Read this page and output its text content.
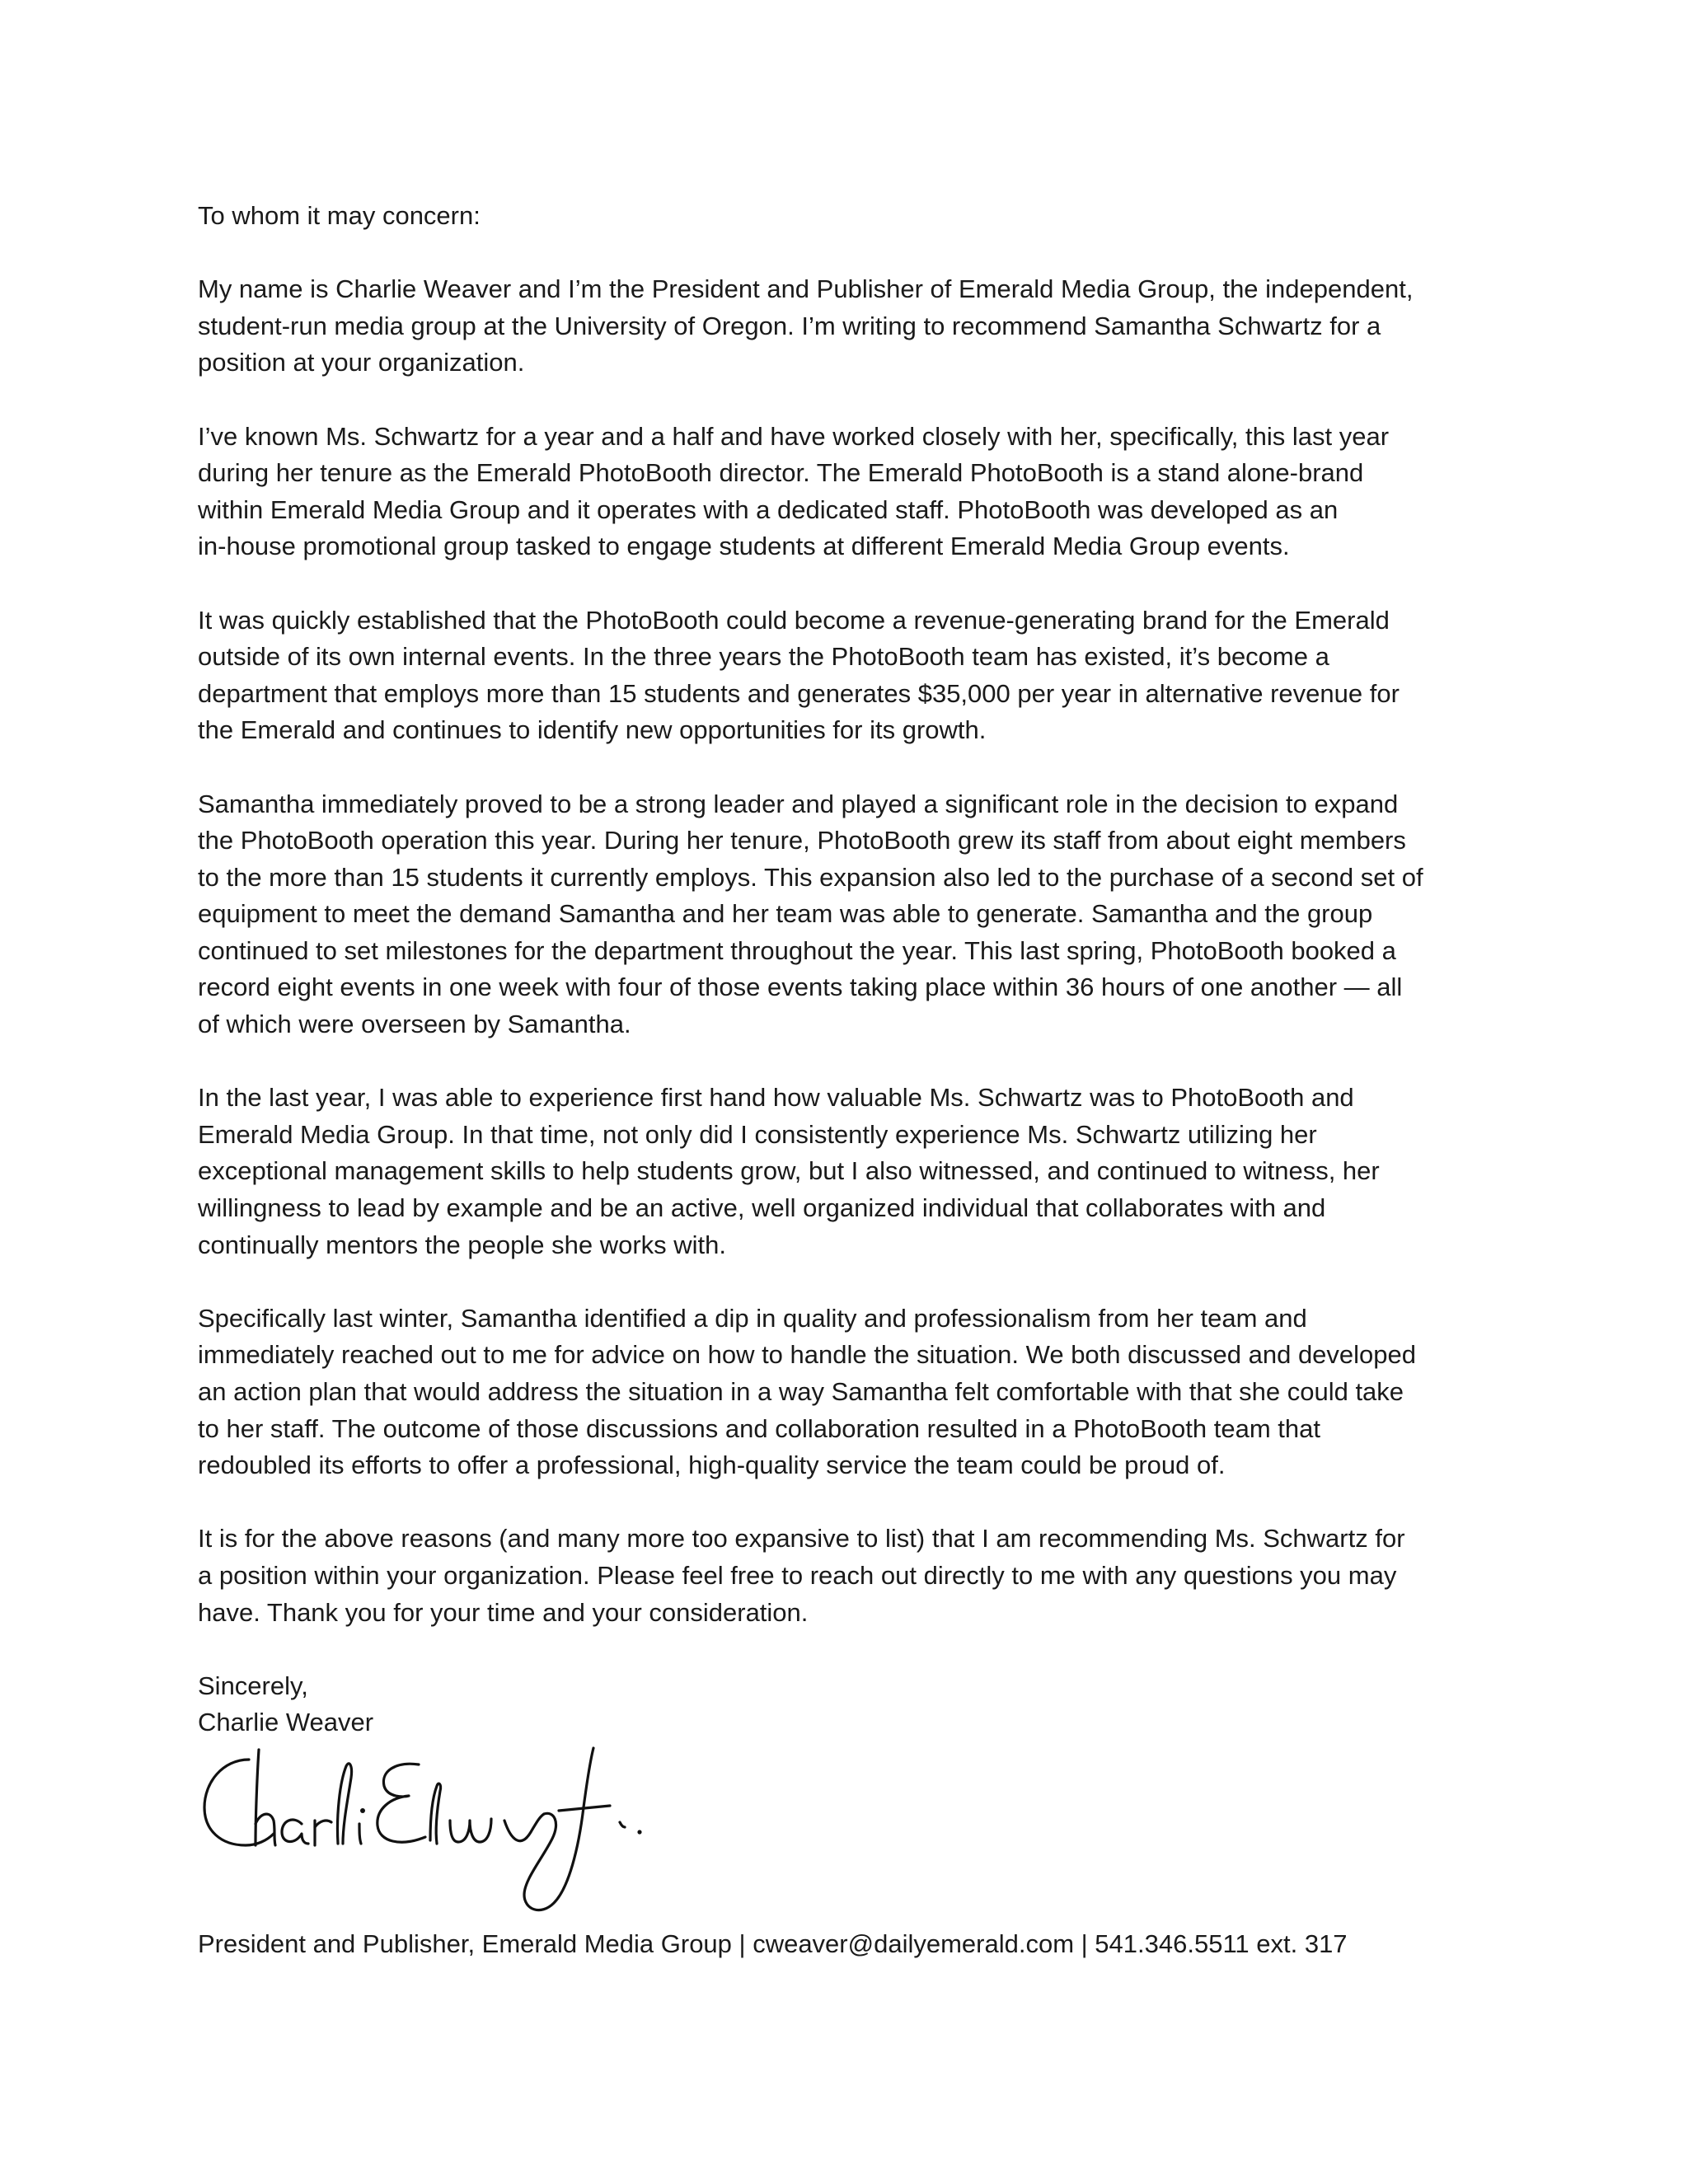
To whom it may concern:

My name is Charlie Weaver and I’m the President and Publisher of Emerald Media Group, the independent,
student-run media group at the University of Oregon. I’m writing to recommend Samantha Schwartz for a
position at your organization.

I’ve known Ms. Schwartz for a year and a half and have worked closely with her, specifically, this last year
during her tenure as the Emerald PhotoBooth director. The Emerald PhotoBooth is a stand alone-brand
within Emerald Media Group and it operates with a dedicated staff. PhotoBooth was developed as an
in-house promotional group tasked to engage students at different Emerald Media Group events.

It was quickly established that the PhotoBooth could become a revenue-generating brand for the Emerald
outside of its own internal events. In the three years the PhotoBooth team has existed, it’s become a
department that employs more than 15 students and generates $35,000 per year in alternative revenue for
the Emerald and continues to identify new opportunities for its growth.

Samantha immediately proved to be a strong leader and played a significant role in the decision to expand
the PhotoBooth operation this year. During her tenure, PhotoBooth grew its staff from about eight members
to the more than 15 students it currently employs. This expansion also led to the purchase of a second set of
equipment to meet the demand Samantha and her team was able to generate. Samantha and the group
continued to set milestones for the department throughout the year. This last spring, PhotoBooth booked a
record eight events in one week with four of those events taking place within 36 hours of one another — all
of which were overseen by Samantha.

In the last year, I was able to experience first hand how valuable Ms. Schwartz was to PhotoBooth and
Emerald Media Group. In that time, not only did I consistently experience Ms. Schwartz utilizing her
exceptional management skills to help students grow, but I also witnessed, and continued to witness, her
willingness to lead by example and be an active, well organized individual that collaborates with and
continually mentors the people she works with.

Specifically last winter, Samantha identified a dip in quality and professionalism from her team and
immediately reached out to me for advice on how to handle the situation. We both discussed and developed
an action plan that would address the situation in a way Samantha felt comfortable with that she could take
to her staff. The outcome of those discussions and collaboration resulted in a PhotoBooth team that
redoubled its efforts to offer a professional, high-quality service the team could be proud of.

It is for the above reasons (and many more too expansive to list) that I am recommending Ms. Schwartz for
a position within your organization. Please feel free to reach out directly to me with any questions you may
have. Thank you for your time and your consideration.

Sincerely,
Charlie Weaver
President and Publisher, Emerald Media Group | cweaver@dailyemerald.com | 541.346.5511 ext. 317
